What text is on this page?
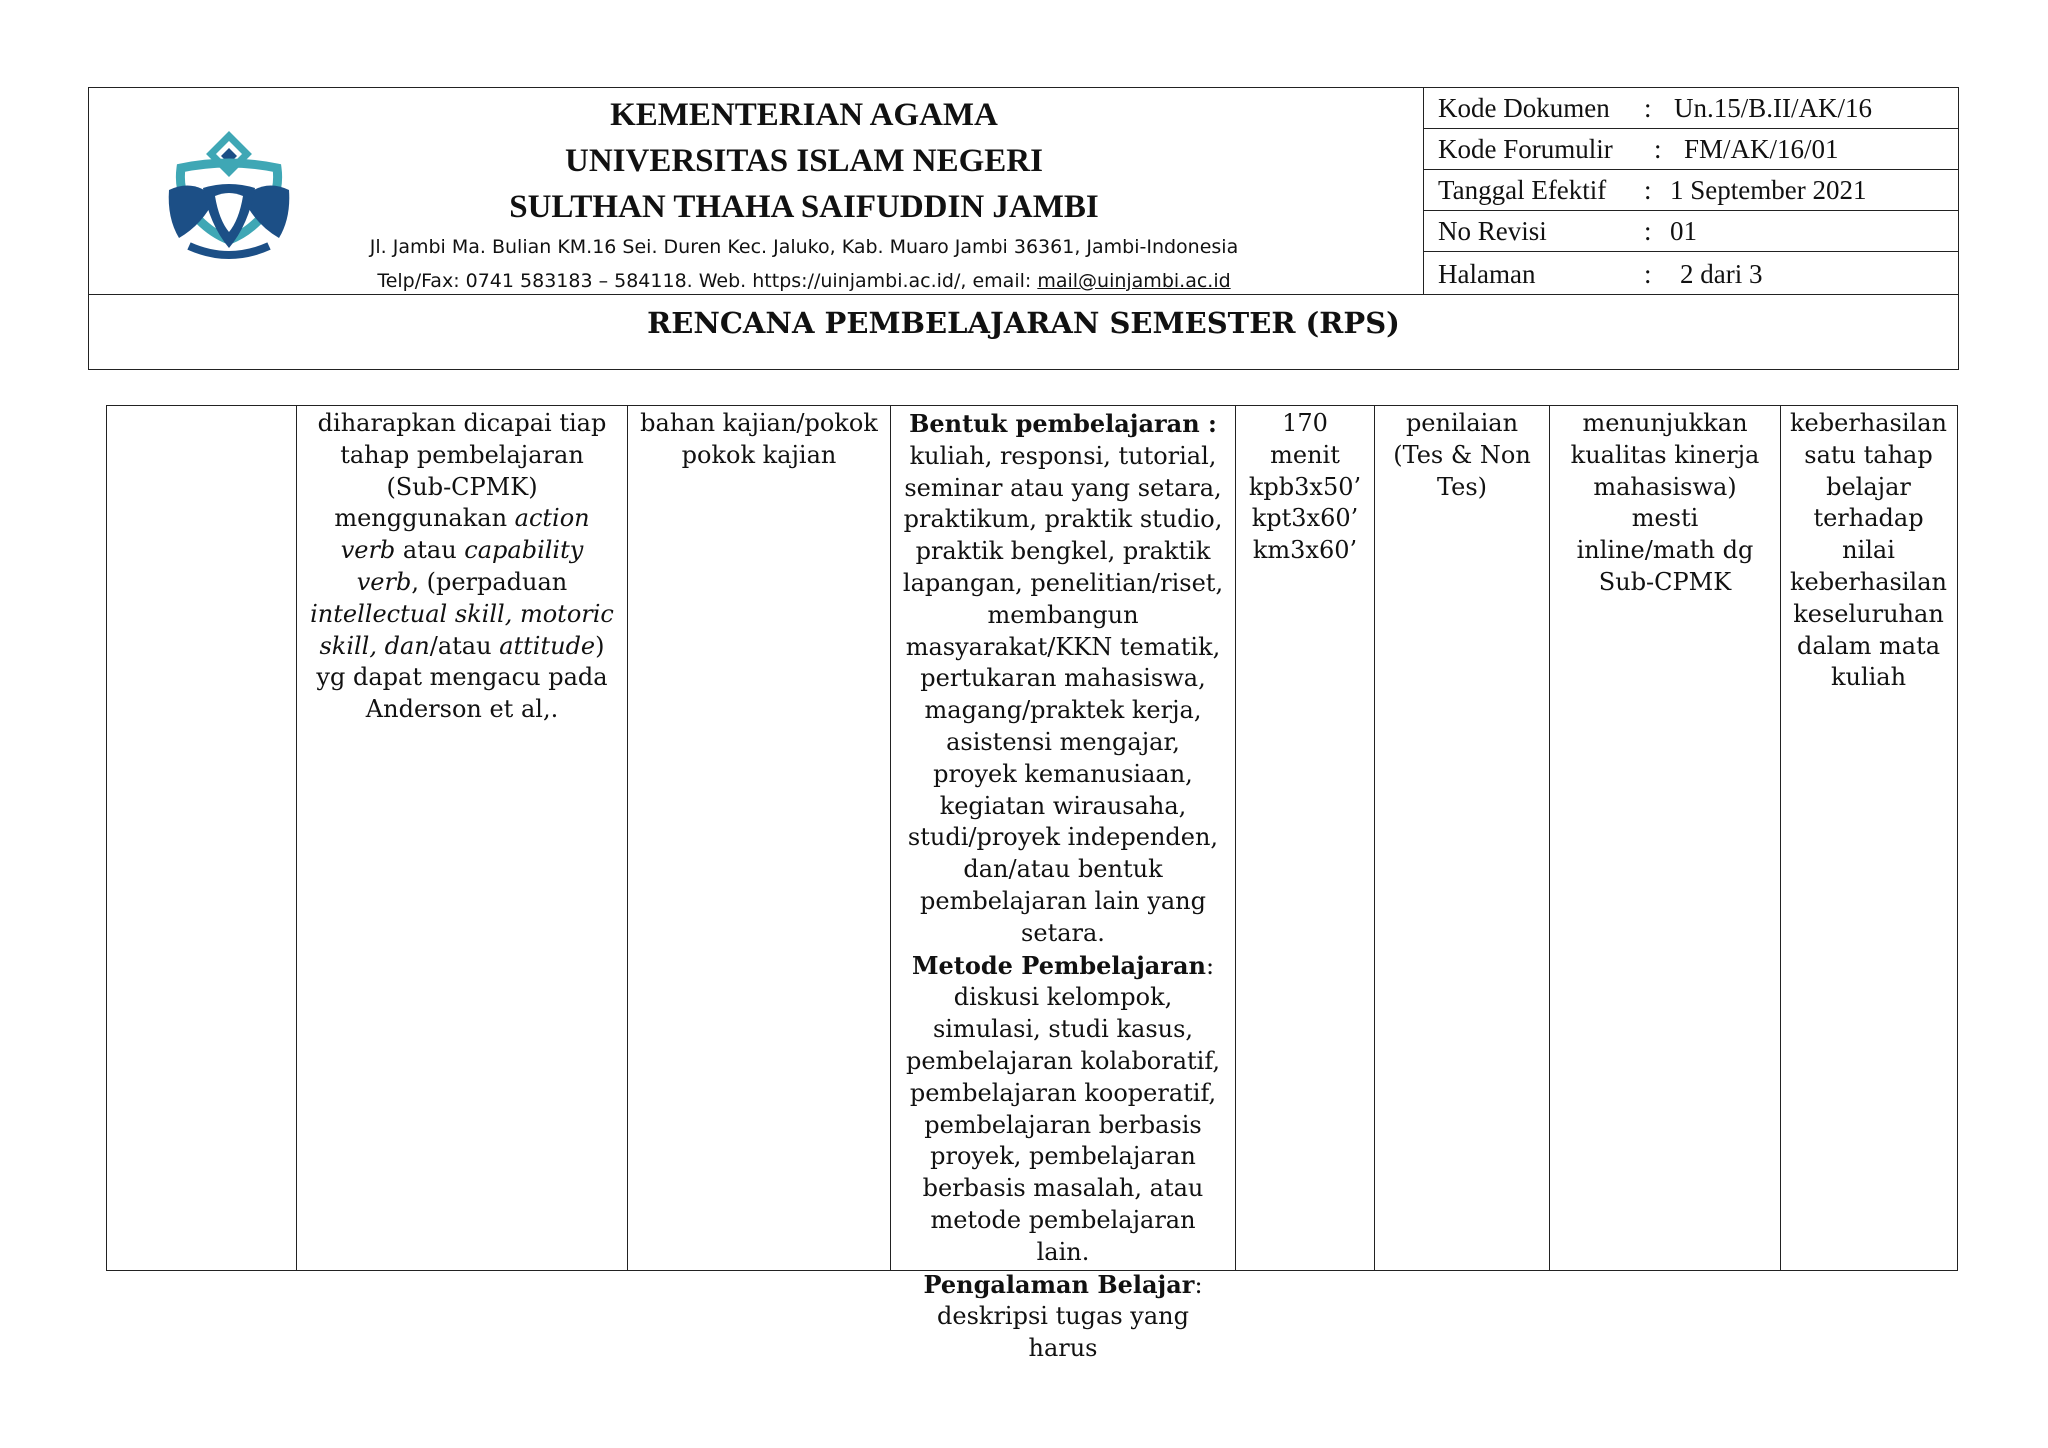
KEMENTERIAN AGAMA
UNIVERSITAS ISLAM NEGERI
SULTHAN THAHA SAIFUDDIN JAMBI
Jl. Jambi Ma. Bulian KM.16 Sei. Duren Kec. Jaluko, Kab. Muaro Jambi 36361, Jambi-Indonesia
Telp/Fax: 0741 583183 – 584118. Web. https://uinjambi.ac.id/, email: mail@uinjambi.ac.id
Kode Dokumen : Un.15/B.II/AK/16
Kode Forumulir : FM/AK/16/01
Tanggal Efektif : 1 September 2021
No Revisi	: 01
Halaman	: 2 dari 3
RENCANA PEMBELAJARAN SEMESTER (RPS)

diharapkan dicapai tiap tahap pembelajaran (Sub-CPMK) menggunakan action verb atau capability verb, (perpaduan intellectual skill, motoric skill, dan/atau attitude) yg dapat mengacu pada Anderson et al,.

bahan kajian/pokok pokok kajian

Bentuk pembelajaran :

kuliah, responsi, tutorial, seminar atau yang setara, praktikum, praktik studio, praktik bengkel, praktik lapangan, penelitian/riset, membangun masyarakat/KKN tematik, pertukaran mahasiswa, magang/praktek kerja, asistensi mengajar, proyek kemanusiaan, kegiatan wirausaha, studi/proyek independen, dan/atau bentuk pembelajaran lain yang setara.

Metode Pembelajaran:

diskusi kelompok, simulasi, studi kasus, pembelajaran kolaboratif, pembelajaran kooperatif, pembelajaran berbasis proyek, pembelajaran berbasis masalah, atau metode pembelajaran lain.

Pengalaman Belajar:

deskripsi tugas yang harus

170

menit

kpb3x50’

kpt3x60’

km3x60’

penilaian (Tes & Non Tes)

menunjukkan kualitas kinerja mahasiswa) mesti inline/math dg Sub-CPMK

keberhasilan satu tahap belajar terhadap nilai keberhasilan keseluruhan dalam mata kuliah
